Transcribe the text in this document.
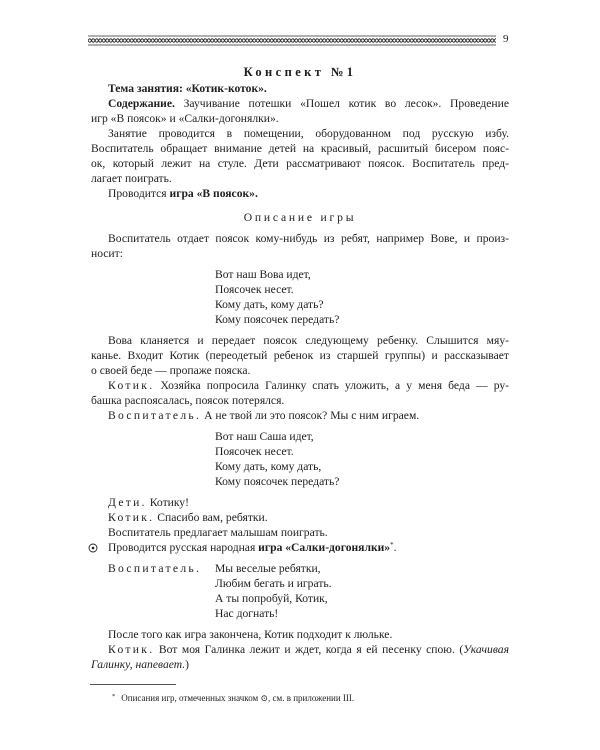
9
Конспект №1
Тема занятия: «Котик-коток».
Содержание. Заучивание потешки «Пошел котик во лесок». Проведение
игр «В поясок» и «Салки-догонялки».
Занятие проводится в помещении, оборудованном под русскую избу.
Воспитатель обращает внимание детей на красивый, расшитый бисером пояс-
ок, который лежит на стуле. Дети рассматривают поясок. Воспитатель пред-
лагает поиграть.
Проводится игра «В поясок».
Описание игры
Воспитатель отдает поясок кому-нибудь из ребят, например Вове, и произ-
носит:
Вот наш Вова идет,
Поясочек несет.
Кому дать, кому дать?
Кому поясочек передать?
Вова кланяется и передает поясок следующему ребенку. Слышится мяу-
канье. Входит Котик (переодетый ребенок из старшей группы) и рассказывает
о своей беде — пропаже пояска.
Котик. Хозяйка попросила Галинку спать уложить, а у меня беда — ру-
башка распоясалась, поясок потерялся.
Воспитатель. А не твой ли это поясок? Мы с ним играем.
Вот наш Саша идет,
Поясочек несет.
Кому дать, кому дать,
Кому поясочек передать?
Дети. Котику!
Котик. Спасибо вам, ребятки.
Воспитатель предлагает малышам поиграть.
Проводится русская народная игра «Салки-догонялки»*.
Воспитатель. Мы веселые ребятки,
Любим бегать и играть.
А ты попробуй, Котик,
Нас догнать!
После того как игра закончена, Котик подходит к люльке.
Котик. Вот моя Галинка лежит и ждет, когда я ей песенку спою. (Укачивая
Галинку, напевает.)
* Описания игр, отмеченных значком ⊙, см. в приложении III.
